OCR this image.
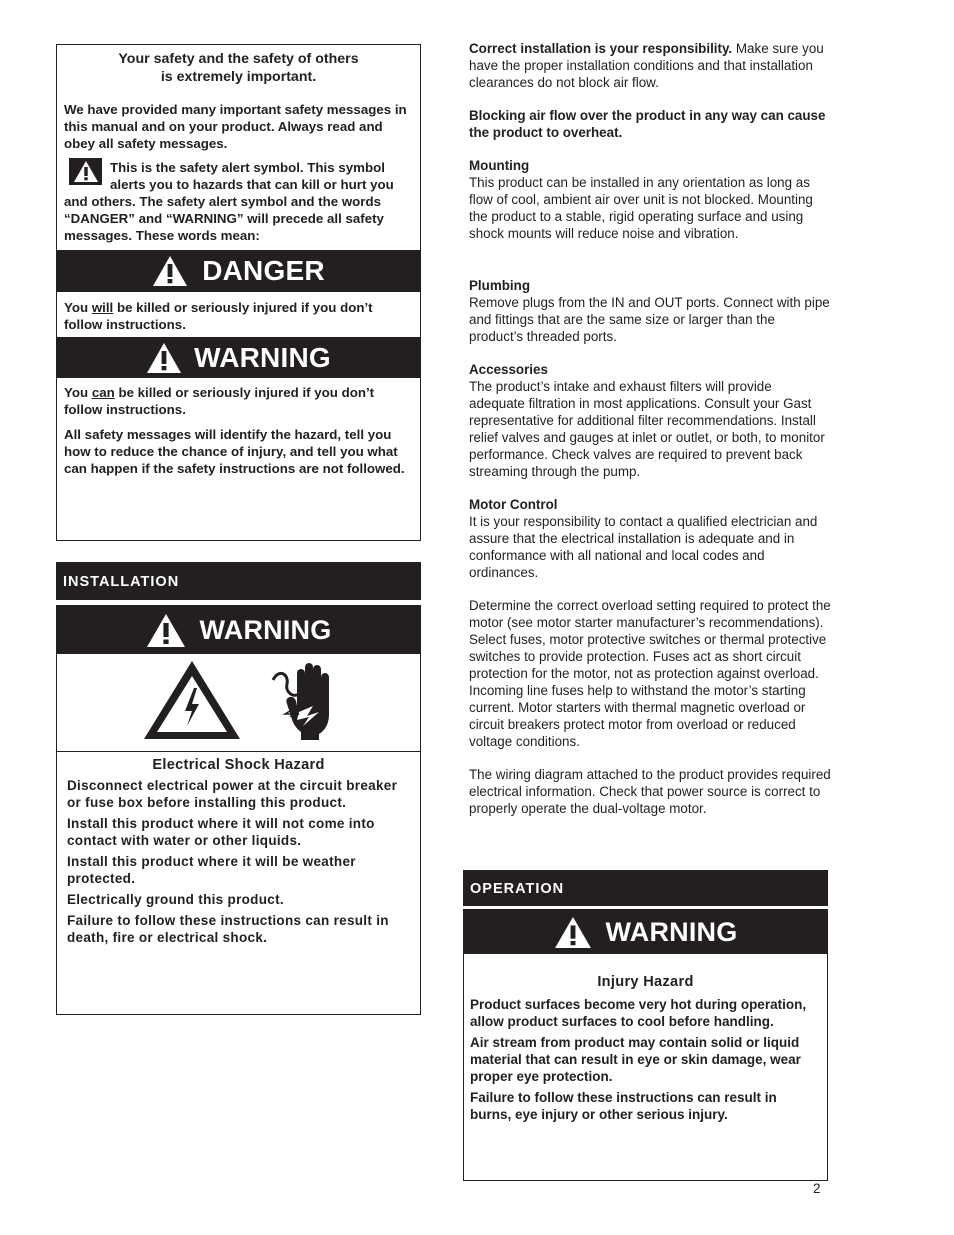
Your safety and the safety of others
is extremely important.

We have provided many important safety messages in this manual and on your product. Always read and obey all safety messages.

This is the safety alert symbol. This symbol alerts you to hazards that can kill or hurt you and others. The safety alert symbol and the words “DANGER” and “WARNING” will precede all safety messages. These words mean:

DANGER

You will be killed or seriously injured if you don’t follow instructions.

WARNING

You can be killed or seriously injured if you don’t follow instructions.

All safety messages will identify the hazard, tell you how to reduce the chance of injury, and tell you what can happen if the safety instructions are not followed.

INSTALLATION
WARNING
Electrical Shock Hazard
Disconnect electrical power at the circuit breaker or fuse box before installing this product.
Install this product where it will not come into contact with water or other liquids.
Install this product where it will be weather protected.
Electrically ground this product.
Failure to follow these instructions can result in death, fire or electrical shock.

Correct installation is your responsibility. Make sure you have the proper installation conditions and that installation clearances do not block air flow.

Blocking air flow over the product in any way can cause the product to overheat.

Mounting

This product can be installed in any orientation as long as flow of cool, ambient air over unit is not blocked. Mounting the product to a stable, rigid operating surface and using shock mounts will reduce noise and vibration.

Plumbing

Remove plugs from the IN and OUT ports. Connect with pipe and fittings that are the same size or larger than the product’s threaded ports.

Accessories

The product’s intake and exhaust filters will provide adequate filtration in most applications. Consult your Gast representative for additional filter recommendations. Install relief valves and gauges at inlet or outlet, or both, to monitor performance. Check valves are required to prevent back streaming through the pump.

Motor Control

It is your responsibility to contact a qualified electrician and assure that the electrical installation is adequate and in conformance with all national and local codes and ordinances.

Determine the correct overload setting required to protect the motor (see motor starter manufacturer’s recommendations). Select fuses, motor protective switches or thermal protective switches to provide protection. Fuses act as short circuit protection for the motor, not as protection against overload. Incoming line fuses help to withstand the motor’s starting current. Motor starters with thermal magnetic overload or circuit breakers protect motor from overload or reduced voltage conditions.

The wiring diagram attached to the product provides required electrical information. Check that power source is correct to properly operate the dual-voltage motor.

OPERATION
WARNING
Injury Hazard
Product surfaces become very hot during operation,
allow product surfaces to cool before handling.
Air stream from product may contain solid or liquid material that can result in eye or skin damage, wear proper eye protection.
Failure to follow these instructions can result in burns, eye injury or other serious injury.
2
